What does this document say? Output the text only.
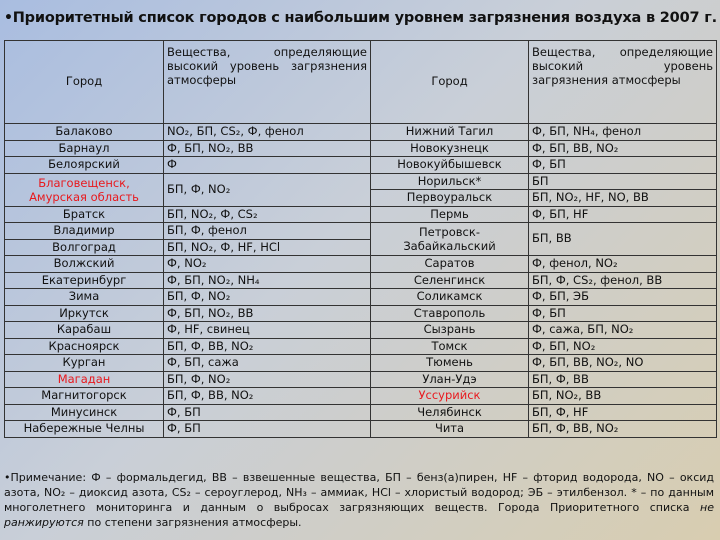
•Приоритетный список городов с наибольшим уровнем загрязнения воздуха в 2007 г.
Город	Вещества, определяющие высокий уровень загрязнения атмосферы	Город	Вещества, определяющие высокий уровень загрязнения атмосферы
Балаково	NO₂, БП, CS₂, Ф, фенол	Нижний Тагил	Ф, БП, NH₄, фенол
Барнаул	Ф, БП, NO₂, ВВ	Новокузнецк	Ф, БП, ВВ, NO₂
Белоярский	Ф	Новокуйбышевск	Ф, БП
Благовещенск, Амурская область	БП, Ф, NO₂	Норильск*	БП
		Первоуральск	БП, NO₂, HF, NO, ВВ
Братск	БП, NO₂, Ф, CS₂	Пермь	Ф, БП, HF
Владимир	БП, Ф, фенол	Петровск-Забайкальский	БП, ВВ
Волгоград	БП, NO₂, Ф, HF, HCl		
Волжский	Ф, NO₂	Саратов	Ф, фенол, NO₂
Екатеринбург	Ф, БП, NO₂, NH₄	Селенгинск	БП, Ф, CS₂, фенол, ВВ
Зима	БП, Ф, NO₂	Соликамск	Ф, БП, ЭБ
Иркутск	Ф, БП, NO₂, ВВ	Ставрополь	Ф, БП
Карабаш	Ф, HF, свинец	Сызрань	Ф, сажа, БП, NO₂
Красноярск	БП, Ф, ВВ, NO₂	Томск	Ф, БП, NO₂
Курган	Ф, БП, сажа	Тюмень	Ф, БП, ВВ, NO₂, NO
Магадан	БП, Ф, NO₂	Улан-Удэ	БП, Ф, ВВ
Магнитогорск	БП, Ф, ВВ, NO₂	Уссурийск	БП, NO₂, ВВ
Минусинск	Ф, БП	Челябинск	БП, Ф, HF
Набережные Челны	Ф, БП	Чита	БП, Ф, ВВ, NO₂
•Примечание: Ф – формальдегид, ВВ – взвешенные вещества, БП – бенз(а)пирен, HF – фторид водорода, NO – оксид азота, NO₂ – диоксид азота, CS₂ – сероуглерод, NH₃ – аммиак, HCl – хлористый водород; ЭБ – этилбензол. * – по данным многолетнего мониторинга и данным о выбросах загрязняющих веществ. Города Приоритетного списка не ранжируются по степени загрязнения атмосферы.
